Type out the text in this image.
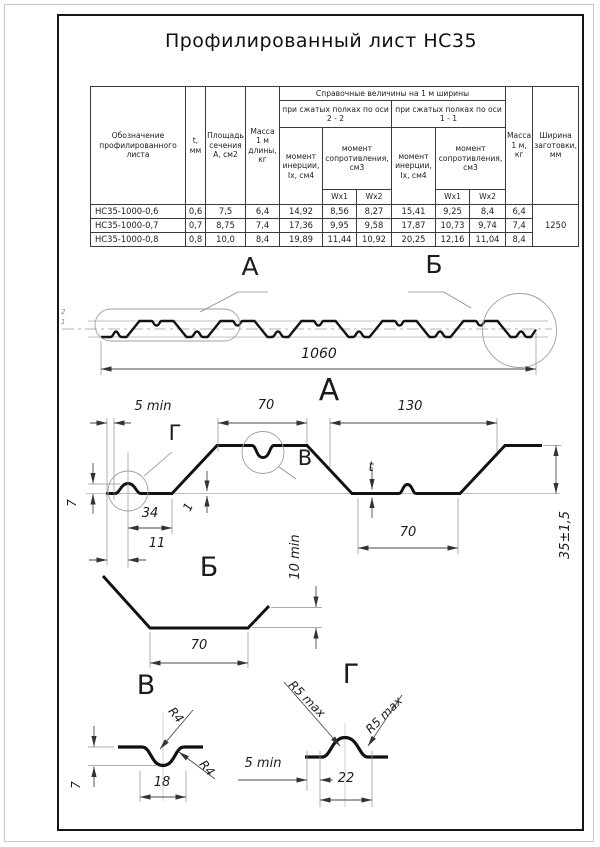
Профилированный лист НС35
Обозначение профилированного листа	t, мм	Площадь сечения А, см2	Масса 1 м длины, кг	Справочные величины на 1 м ширины						Масса 1 м, кг	Ширина заготовки, мм
				при сжатых полках по оси 2 - 2			при сжатых полках по оси 1 - 1				
				момент инерции, Ix, см4	момент сопротивления, см3		момент инерции, Ix, см4	момент сопротивления, см3			
					Wx1	Wx2		Wx1	Wx2		
НС35-1000-0,6	0,6	7,5	6,4	14,92	8,56	8,27	15,41	9,25	8,4	6,4	1250
НС35-1000-0,7	0,7	8,75	7,4	17,36	9,95	9,58	17,87	10,73	9,74	7,4	
НС35-1000-0,8	0,8	10,0	8,4	19,89	11,44	10,92	20,25	12,16	11,04	8,4	
2
1
А	Б
1060
А
5 min	70	130
Г
В
7
34	1
11
t
70	35±1,5
Б
70
10 min
В
R4
R4
7	18
Г
R5 max	R5 max
5 min
22
